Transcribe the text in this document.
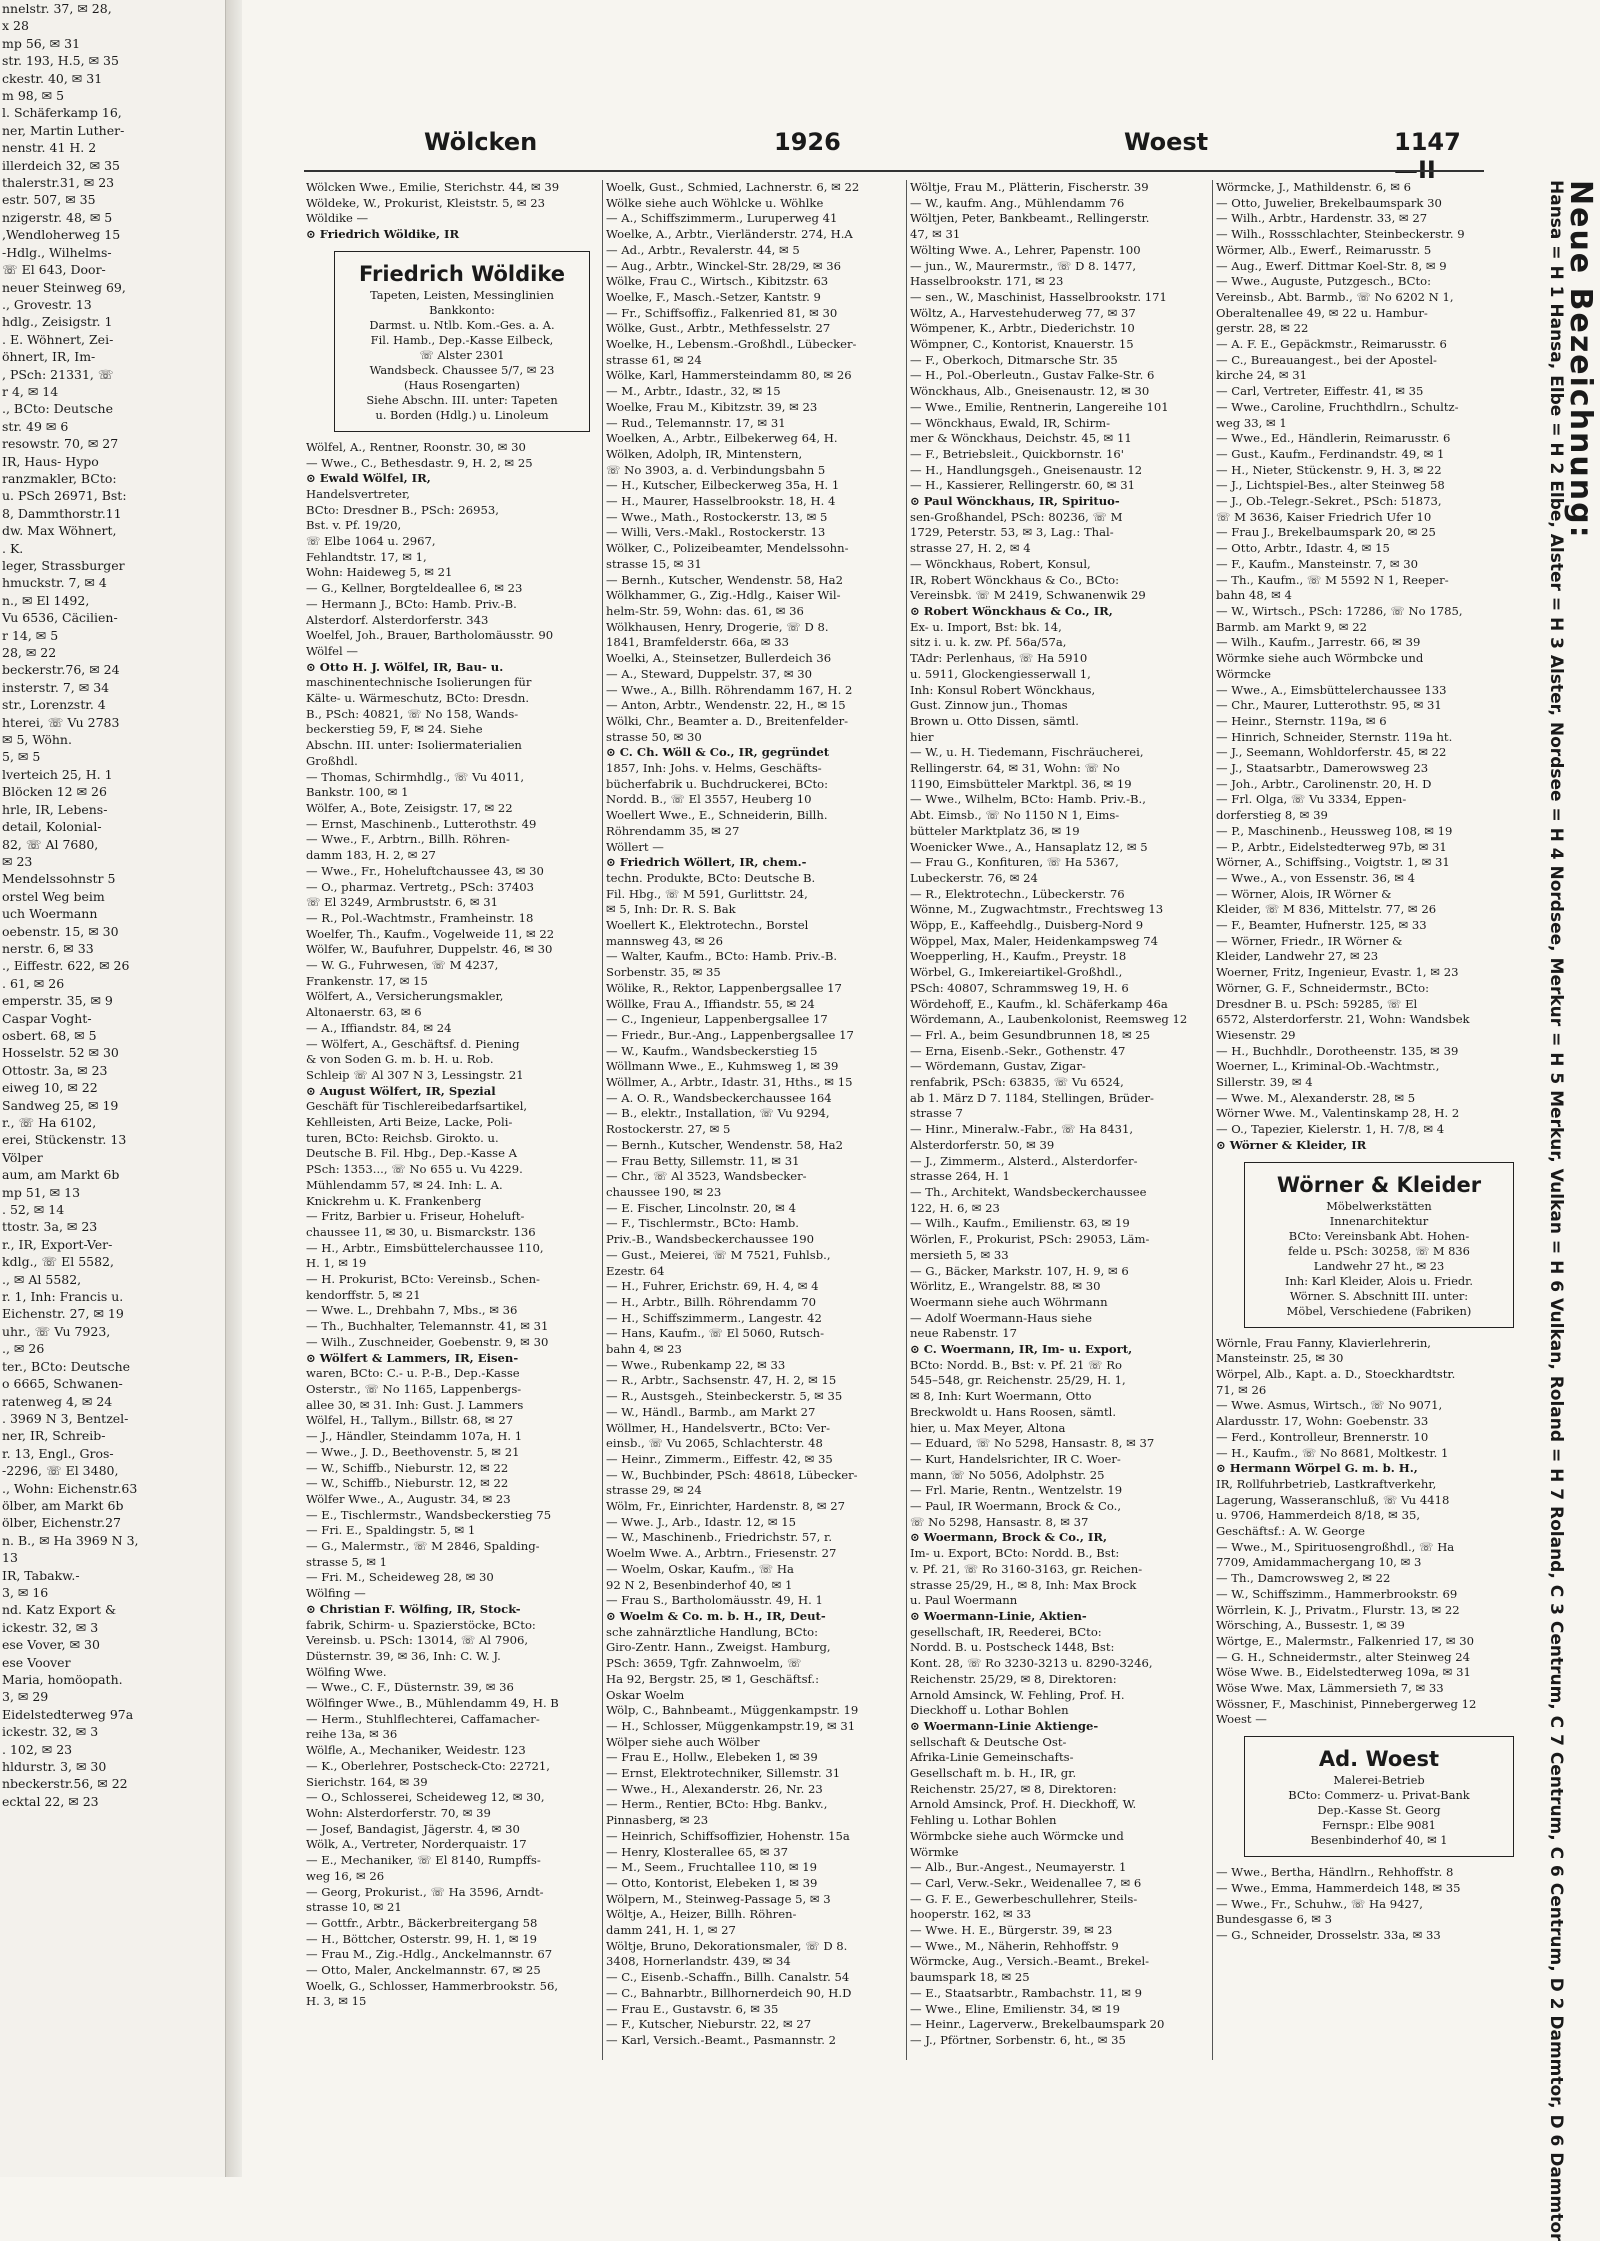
nnelstr. 37, ✉ 28,
x 28
mp 56, ✉ 31
str. 193, H.5, ✉ 35
ckestr. 40, ✉ 31
m 98, ✉ 5
l. Schäferkamp 16,
ner, Martin Luther-
nenstr. 41 H. 2
illerdeich 32, ✉ 35
thalerstr.31, ✉ 23
estr. 507, ✉ 35
nzigerstr. 48, ✉ 5
,Wendloherweg 15
-Hdlg., Wilhelms-
☏ El 643, Door-
neuer Steinweg 69,
., Grovestr. 13
hdlg., Zeisigstr. 1
. E. Wöhnert, Zei-
öhnert, IR, Im-
, PSch: 21331, ☏
r 4, ✉ 14
., BCto: Deutsche
str. 49 ✉ 6
resowstr. 70, ✉ 27
IR, Haus- Hypo
ranzmakler, BCto:
u. PSch 26971, Bst:
8, Dammthorstr.11
dw. Max Wöhnert,
. K.
leger, Strassburger
hmuckstr. 7, ✉ 4
n., ✉ El 1492,
Vu 6536, Cäcilien-
r 14, ✉ 5
28, ✉ 22
beckerstr.76, ✉ 24
insterstr. 7, ✉ 34
str., Lorenzstr. 4
hterei, ☏ Vu 2783
✉ 5, Wöhn.
5, ✉ 5
lverteich 25, H. 1
Blöcken 12 ✉ 26
hrle, IR, Lebens-
detail, Kolonial-
82, ☏ Al 7680,
✉ 23
Mendelssohnstr 5
orstel Weg beim
uch Woermann
oebenstr. 15, ✉ 30
nerstr. 6, ✉ 33
., Eiffestr. 622, ✉ 26
. 61, ✉ 26
emperstr. 35, ✉ 9
Caspar Voght-
osbert. 68, ✉ 5
Hosselstr. 52 ✉ 30
Ottostr. 3a, ✉ 23
eiweg 10, ✉ 22
Sandweg 25, ✉ 19
r., ☏ Ha 6102,
erei, Stückenstr. 13
Völper
aum, am Markt 6b
mp 51, ✉ 13
. 52, ✉ 14
ttostr. 3a, ✉ 23
r., IR, Export-Ver-
kdlg., ☏ El 5582,
., ✉ Al 5582,
r. 1, Inh: Francis u.
Eichenstr. 27, ✉ 19
uhr., ☏ Vu 7923,
., ✉ 26
ter., BCto: Deutsche
o 6665, Schwanen-
ratenweg 4, ✉ 24
. 3969 N 3, Bentzel-
ner, IR, Schreib-
r. 13, Engl., Gros-
-2296, ☏ El 3480,
., Wohn: Eichenstr.63
ölber, am Markt 6b
ölber, Eichenstr.27
n. B., ✉ Ha 3969 N 3,
13
IR, Tabakw.-
3, ✉ 16
nd. Katz Export &
ickestr. 32, ✉ 3
ese Vover, ✉ 30
ese Voover
Maria, homöopath.
3, ✉ 29
Eidelstedterweg 97a
ickestr. 32, ✉ 3
. 102, ✉ 23
hldurstr. 3, ✉ 30
nbeckerstr.56, ✉ 22
ecktal 22, ✉ 23
Wölcken	1926	Woest	1147—II
Wölcken Wwe., Emilie, Sterichstr. 44, ✉ 39
Wöldeke, W., Prokurist, Kleiststr. 5, ✉ 23
Wöldike —
⊙ Friedrich Wöldike, IR
Friedrich Wöldike
Tapeten, Leisten, Messinglinien
Bankkonto:
Darmst. u. Ntlb. Kom.-Ges. a. A.
Fil. Hamb., Dep.-Kasse Eilbeck,
☏ Alster 2301
Wandsbeck. Chaussee 5/7, ✉ 23
(Haus Rosengarten)
Siehe Abschn. III. unter: Tapeten
u. Borden (Hdlg.) u. Linoleum
Wölfel, A., Rentner, Roonstr. 30, ✉ 30
— Wwe., C., Bethesdastr. 9, H. 2, ✉ 25
⊙ Ewald Wölfel, IR,
Handelsvertreter,
BCto: Dresdner B., PSch: 26953,
Bst. v. Pf. 19/20,
☏ Elbe 1064 u. 2967,
Fehlandtstr. 17, ✉ 1,
Wohn: Haideweg 5, ✉ 21
— G., Kellner, Borgteldeallee 6, ✉ 23
— Hermann J., BCto: Hamb. Priv.-B.
Alsterdorf. Alsterdorferstr. 343
Woelfel, Joh., Brauer, Bartholomäusstr. 90
Wölfel —
⊙ Otto H. J. Wölfel, IR, Bau- u.
maschinentechnische Isolierungen für
Kälte- u. Wärmeschutz, BCto: Dresdn.
B., PSch: 40821, ☏ No 158, Wands-
beckerstieg 59, F, ✉ 24. Siehe
Abschn. III. unter: Isoliermaterialien
Großhdl.
— Thomas, Schirmhdlg., ☏ Vu 4011,
Bankstr. 100, ✉ 1
Wölfer, A., Bote, Zeisigstr. 17, ✉ 22
— Ernst, Maschinenb., Lutterothstr. 49
— Wwe., F., Arbtrn., Billh. Röhren-
damm 183, H. 2, ✉ 27
— Wwe., Fr., Hoheluftchaussee 43, ✉ 30
— O., pharmaz. Vertretg., PSch: 37403
☏ El 3249, Armbruststr. 6, ✉ 31
— R., Pol.-Wachtmstr., Framheinstr. 18
Woelfer, Th., Kaufm., Vogelweide 11, ✉ 22
Wölfer, W., Baufuhrer, Duppelstr. 46, ✉ 30
— W. G., Fuhrwesen, ☏ M 4237,
Frankenstr. 17, ✉ 15
Wölfert, A., Versicherungsmakler,
Altonaerstr. 63, ✉ 6
— A., Iffiandstr. 84, ✉ 24
— Wölfert, A., Geschäftsf. d. Piening
& von Soden G. m. b. H. u. Rob.
Schleip ☏ Al 307 N 3, Lessingstr. 21
⊙ August Wölfert, IR, Spezial
Geschäft für Tischlereibedarfsartikel,
Kehlleisten, Arti Beize, Lacke, Poli-
turen, BCto: Reichsb. Girokto. u.
Deutsche B. Fil. Hbg., Dep.-Kasse A
PSch: 1353..., ☏ No 655 u. Vu 4229.
Mühlendamm 57, ✉ 24. Inh: L. A.
Knickrehm u. K. Frankenberg
— Fritz, Barbier u. Friseur, Hoheluft-
chaussee 11, ✉ 30, u. Bismarckstr. 136
— H., Arbtr., Eimsbüttelerchaussee 110,
H. 1, ✉ 19
— H. Prokurist, BCto: Vereinsb., Schen-
kendorffstr. 5, ✉ 21
— Wwe. L., Drehbahn 7, Mbs., ✉ 36
— Th., Buchhalter, Telemannstr. 41, ✉ 31
— Wilh., Zuschneider, Goebenstr. 9, ✉ 30
⊙ Wölfert & Lammers, IR, Eisen-
waren, BCto: C.- u. P.-B., Dep.-Kasse
Osterstr., ☏ No 1165, Lappenbergs-
allee 30, ✉ 31. Inh: Gust. J. Lammers
Wölfel, H., Tallym., Billstr. 68, ✉ 27
— J., Händler, Steindamm 107a, H. 1
— Wwe., J. D., Beethovenstr. 5, ✉ 21
— W., Schiffb., Nieburstr. 12, ✉ 22
— W., Schiffb., Nieburstr. 12, ✉ 22
Wölfer Wwe., A., Augustr. 34, ✉ 23
— E., Tischlermstr., Wandsbeckerstieg 75
— Fri. E., Spaldingstr. 5, ✉ 1
— G., Malermstr., ☏ M 2846, Spalding-
strasse 5, ✉ 1
— Fri. M., Scheideweg 28, ✉ 30
Wölfing —
⊙ Christian F. Wölfing, IR, Stock-
fabrik, Schirm- u. Spazierstöcke, BCto:
Vereinsb. u. PSch: 13014, ☏ Al 7906,
Düsternstr. 39, ✉ 36, Inh: C. W. J.
Wölfing Wwe.
— Wwe., C. F., Düsternstr. 39, ✉ 36
Wölfinger Wwe., B., Mühlendamm 49, H. B
— Herm., Stuhlflechterei, Caffamacher-
reihe 13a, ✉ 36
Wölfle, A., Mechaniker, Weidestr. 123
— K., Oberlehrer, Postscheck-Cto: 22721,
Sierichstr. 164, ✉ 39
— O., Schlosserei, Scheideweg 12, ✉ 30,
Wohn: Alsterdorferstr. 70, ✉ 39
— Josef, Bandagist, Jägerstr. 4, ✉ 30
Wölk, A., Vertreter, Norderquaistr. 17
— E., Mechaniker, ☏ El 8140, Rumpffs-
weg 16, ✉ 26
— Georg, Prokurist., ☏ Ha 3596, Arndt-
strasse 10, ✉ 21
— Gottfr., Arbtr., Bäckerbreitergang 58
— H., Böttcher, Osterstr. 99, H. 1, ✉ 19
— Frau M., Zig.-Hdlg., Anckelmannstr. 67
— Otto, Maler, Anckelmannstr. 67, ✉ 25
Woelk, G., Schlosser, Hammerbrookstr. 56,
H. 3, ✉ 15
Woelk, Gust., Schmied, Lachnerstr. 6, ✉ 22
Wölke siehe auch Wöhlcke u. Wöhlke
— A., Schiffszimmerm., Luruperweg 41
Woelke, A., Arbtr., Vierländerstr. 274, H.A
— Ad., Arbtr., Revalerstr. 44, ✉ 5
— Aug., Arbtr., Winckel-Str. 28/29, ✉ 36
Wölke, Frau C., Wirtsch., Kibitzstr. 63
Woelke, F., Masch.-Setzer, Kantstr. 9
— Fr., Schiffsoffiz., Falkenried 81, ✉ 30
Wölke, Gust., Arbtr., Methfesselstr. 27
Woelke, H., Lebensm.-Großhdl., Lübecker-
strasse 61, ✉ 24
Wölke, Karl, Hammersteindamm 80, ✉ 26
— M., Arbtr., Idastr., 32, ✉ 15
Woelke, Frau M., Kibitzstr. 39, ✉ 23
— Rud., Telemannstr. 17, ✉ 31
Woelken, A., Arbtr., Eilbekerweg 64, H.
Wölken, Adolph, IR, Mintenstern,
☏ No 3903, a. d. Verbindungsbahn 5
— H., Kutscher, Eilbeckerweg 35a, H. 1
— H., Maurer, Hasselbrookstr. 18, H. 4
— Wwe., Math., Rostockerstr. 13, ✉ 5
— Willi, Vers.-Makl., Rostockerstr. 13
Wölker, C., Polizeibeamter, Mendelssohn-
strasse 15, ✉ 31
— Bernh., Kutscher, Wendenstr. 58, Ha2
Wölkhammer, G., Zig.-Hdlg., Kaiser Wil-
helm-Str. 59, Wohn: das. 61, ✉ 36
Wölkhausen, Henry, Drogerie, ☏ D 8.
1841, Bramfelderstr. 66a, ✉ 33
Woelki, A., Steinsetzer, Bullerdeich 36
— A., Steward, Duppelstr. 37, ✉ 30
— Wwe., A., Billh. Röhrendamm 167, H. 2
— Anton, Arbtr., Wendenstr. 22, H., ✉ 15
Wölki, Chr., Beamter a. D., Breitenfelder-
strasse 50, ✉ 30
⊙ C. Ch. Wöll & Co., IR, gegründet
1857, Inh: Johs. v. Helms, Geschäfts-
bücherfabrik u. Buchdruckerei, BCto:
Nordd. B., ☏ El 3557, Heuberg 10
Woellert Wwe., E., Schneiderin, Billh.
Röhrendamm 35, ✉ 27
Wöllert —
⊙ Friedrich Wöllert, IR, chem.-
techn. Produkte, BCto: Deutsche B.
Fil. Hbg., ☏ M 591, Gurlittstr. 24,
✉ 5, Inh: Dr. R. S. Bak
Woellert K., Elektrotechn., Borstel
mannsweg 43, ✉ 26
— Walter, Kaufm., BCto: Hamb. Priv.-B.
Sorbenstr. 35, ✉ 35
Wölike, R., Rektor, Lappenbergsallee 17
Wöllke, Frau A., Iffiandstr. 55, ✉ 24
— C., Ingenieur, Lappenbergsallee 17
— Friedr., Bur.-Ang., Lappenbergsallee 17
— W., Kaufm., Wandsbeckerstieg 15
Wöllmann Wwe., E., Kuhmsweg 1, ✉ 39
Wöllmer, A., Arbtr., Idastr. 31, Hths., ✉ 15
— A. O. R., Wandsbeckerchaussee 164
— B., elektr., Installation, ☏ Vu 9294,
Rostockerstr. 27, ✉ 5
— Bernh., Kutscher, Wendenstr. 58, Ha2
— Frau Betty, Sillemstr. 11, ✉ 31
— Chr., ☏ Al 3523, Wandsbecker-
chaussee 190, ✉ 23
— E. Fischer, Lincolnstr. 20, ✉ 4
— F., Tischlermstr., BCto: Hamb.
Priv.-B., Wandsbeckerchaussee 190
— Gust., Meierei, ☏ M 7521, Fuhlsb.,
Ezestr. 64
— H., Fuhrer, Erichstr. 69, H. 4, ✉ 4
— H., Arbtr., Billh. Röhrendamm 70
— H., Schiffszimmerm., Langestr. 42
— Hans, Kaufm., ☏ El 5060, Rutsch-
bahn 4, ✉ 23
— Wwe., Rubenkamp 22, ✉ 33
— R., Arbtr., Sachsenstr. 47, H. 2, ✉ 15
— R., Austsgeh., Steinbeckerstr. 5, ✉ 35
— W., Händl., Barmb., am Markt 27
Wöllmer, H., Handelsvertr., BCto: Ver-
einsb., ☏ Vu 2065, Schlachterstr. 48
— Heinr., Zimmerm., Eiffestr. 42, ✉ 35
— W., Buchbinder, PSch: 48618, Lübecker-
strasse 29, ✉ 24
Wölm, Fr., Einrichter, Hardenstr. 8, ✉ 27
— Wwe. J., Arb., Idastr. 12, ✉ 15
— W., Maschinenb., Friedrichstr. 57, r.
Woelm Wwe. A., Arbtrn., Friesenstr. 27
— Woelm, Oskar, Kaufm., ☏ Ha
92 N 2, Besenbinderhof 40, ✉ 1
— Frau S., Bartholomäusstr. 49, H. 1
⊙ Woelm & Co. m. b. H., IR, Deut-
sche zahnärztliche Handlung, BCto:
Giro-Zentr. Hann., Zweigst. Hamburg,
PSch: 3659, Tgfr. Zahnwoelm, ☏
Ha 92, Bergstr. 25, ✉ 1, Geschäftsf.:
Oskar Woelm
Wölp, C., Bahnbeamt., Müggenkampstr. 19
— H., Schlosser, Müggenkampstr.19, ✉ 31
Wölper siehe auch Wölber
— Frau E., Hollw., Elebeken 1, ✉ 39
— Ernst, Elektrotechniker, Sillemstr. 31
— Wwe., H., Alexanderstr. 26, Nr. 23
— Herm., Rentier, BCto: Hbg. Bankv.,
Pinnasberg, ✉ 23
— Heinrich, Schiffsoffizier, Hohenstr. 15a
— Henry, Klosterallee 65, ✉ 37
— M., Seem., Fruchtallee 110, ✉ 19
— Otto, Kontorist, Elebeken 1, ✉ 39
Wölpern, M., Steinweg-Passage 5, ✉ 3
Wöltje, A., Heizer, Billh. Röhren-
damm 241, H. 1, ✉ 27
Wöltje, Bruno, Dekorationsmaler, ☏ D 8.
3408, Hornerlandstr. 439, ✉ 34
— C., Eisenb.-Schaffn., Billh. Canalstr. 54
— C., Bahnarbtr., Billhornerdeich 90, H.D
— Frau E., Gustavstr. 6, ✉ 35
— F., Kutscher, Nieburstr. 22, ✉ 27
— Karl, Versich.-Beamt., Pasmannstr. 2
Wöltje, Frau M., Plätterin, Fischerstr. 39
— W., kaufm. Ang., Mühlendamm 76
Wöltjen, Peter, Bankbeamt., Rellingerstr.
47, ✉ 31
Wölting Wwe. A., Lehrer, Papenstr. 100
— jun., W., Maurermstr., ☏ D 8. 1477,
Hasselbrookstr. 171, ✉ 23
— sen., W., Maschinist, Hasselbrookstr. 171
Wöltz, A., Harvestehuderweg 77, ✉ 37
Wömpener, K., Arbtr., Diederichstr. 10
Wömpner, C., Kontorist, Knauerstr. 15
— F., Oberkoch, Ditmarsche Str. 35
— H., Pol.-Oberleutn., Gustav Falke-Str. 6
Wönckhaus, Alb., Gneisenaustr. 12, ✉ 30
— Wwe., Emilie, Rentnerin, Langereihe 101
— Wönckhaus, Ewald, IR, Schirm-
mer & Wönckhaus, Deichstr. 45, ✉ 11
— F., Betriebsleit., Quickbornstr. 16'
— H., Handlungsgeh., Gneisenaustr. 12
— H., Kassierer, Rellingerstr. 60, ✉ 31
⊙ Paul Wönckhaus, IR, Spirituo-
sen-Großhandel, PSch: 80236, ☏ M
1729, Peterstr. 53, ✉ 3, Lag.: Thal-
strasse 27, H. 2, ✉ 4
— Wönckhaus, Robert, Konsul,
IR, Robert Wönckhaus & Co., BCto:
Vereinsbk. ☏ M 2419, Schwanenwik 29
⊙ Robert Wönckhaus & Co., IR,
Ex- u. Import, Bst: bk. 14,
sitz i. u. k. zw. Pf. 56a/57a,
TAdr: Perlenhaus, ☏ Ha 5910
u. 5911, Glockengiesserwall 1,
Inh: Konsul Robert Wönckhaus,
Gust. Zinnow jun., Thomas
Brown u. Otto Dissen, sämtl.
hier
— W., u. H. Tiedemann, Fischräucherei,
Rellingerstr. 64, ✉ 31, Wohn: ☏ No
1190, Eimsbütteler Marktpl. 36, ✉ 19
— Wwe., Wilhelm, BCto: Hamb. Priv.-B.,
Abt. Eimsb., ☏ No 1150 N 1, Eims-
bütteler Marktplatz 36, ✉ 19
Woenicker Wwe., A., Hansaplatz 12, ✉ 5
— Frau G., Konfituren, ☏ Ha 5367,
Lubeckerstr. 76, ✉ 24
— R., Elektrotechn., Lübeckerstr. 76
Wönne, M., Zugwachtmstr., Frechtsweg 13
Wöpp, E., Kaffeehdlg., Duisberg-Nord 9
Wöppel, Max, Maler, Heidenkampsweg 74
Woepperling, H., Kaufm., Preystr. 18
Wörbel, G., Imkereiartikel-Großhdl.,
PSch: 40807, Schrammsweg 19, H. 6
Wördehoff, E., Kaufm., kl. Schäferkamp 46a
Wördemann, A., Laubenkolonist, Reemsweg 12
— Frl. A., beim Gesundbrunnen 18, ✉ 25
— Erna, Eisenb.-Sekr., Gothenstr. 47
— Wördemann, Gustav, Zigar-
renfabrik, PSch: 63835, ☏ Vu 6524,
ab 1. März D 7. 1184, Stellingen, Brüder-
strasse 7
— Hinr., Mineralw.-Fabr., ☏ Ha 8431,
Alsterdorferstr. 50, ✉ 39
— J., Zimmerm., Alsterd., Alsterdorfer-
strasse 264, H. 1
— Th., Architekt, Wandsbeckerchaussee
122, H. 6, ✉ 23
— Wilh., Kaufm., Emilienstr. 63, ✉ 19
Wörlen, F., Prokurist, PSch: 29053, Läm-
mersieth 5, ✉ 33
— G., Bäcker, Markstr. 107, H. 9, ✉ 6
Wörlitz, E., Wrangelstr. 88, ✉ 30
Woermann siehe auch Wöhrmann
— Adolf Woermann-Haus siehe
neue Rabenstr. 17
⊙ C. Woermann, IR, Im- u. Export,
BCto: Nordd. B., Bst: v. Pf. 21 ☏ Ro
545–548, gr. Reichenstr. 25/29, H. 1,
✉ 8, Inh: Kurt Woermann, Otto
Breckwoldt u. Hans Roosen, sämtl.
hier, u. Max Meyer, Altona
— Eduard, ☏ No 5298, Hansastr. 8, ✉ 37
— Kurt, Handelsrichter, IR C. Woer-
mann, ☏ No 5056, Adolphstr. 25
— Frl. Marie, Rentn., Wentzelstr. 19
— Paul, IR Woermann, Brock & Co.,
☏ No 5298, Hansastr. 8, ✉ 37
⊙ Woermann, Brock & Co., IR,
Im- u. Export, BCto: Nordd. B., Bst:
v. Pf. 21, ☏ Ro 3160-3163, gr. Reichen-
strasse 25/29, H., ✉ 8, Inh: Max Brock
u. Paul Woermann
⊙ Woermann-Linie, Aktien-
gesellschaft, IR, Reederei, BCto:
Nordd. B. u. Postscheck 1448, Bst:
Kont. 28, ☏ Ro 3230-3213 u. 8290-3246,
Reichenstr. 25/29, ✉ 8, Direktoren:
Arnold Amsinck, W. Fehling, Prof. H.
Dieckhoff u. Lothar Bohlen
⊙ Woermann-Linie Aktienge-
sellschaft & Deutsche Ost-
Afrika-Linie Gemeinschafts-
Gesellschaft m. b. H., IR, gr.
Reichenstr. 25/27, ✉ 8, Direktoren:
Arnold Amsinck, Prof. H. Dieckhoff, W.
Fehling u. Lothar Bohlen
Wörmbcke siehe auch Wörmcke und
Wörmke
— Alb., Bur.-Angest., Neumayerstr. 1
— Carl, Verw.-Sekr., Weidenallee 7, ✉ 6
— G. F. E., Gewerbeschullehrer, Steils-
hooperstr. 162, ✉ 33
— Wwe. H. E., Bürgerstr. 39, ✉ 23
— Wwe., M., Näherin, Rehhoffstr. 9
Wörmcke, Aug., Versich.-Beamt., Brekel-
baumspark 18, ✉ 25
— E., Staatsarbtr., Rambachstr. 11, ✉ 9
— Wwe., Eline, Emilienstr. 34, ✉ 19
— Heinr., Lagerverw., Brekelbaumspark 20
— J., Pförtner, Sorbenstr. 6, ht., ✉ 35
Wörmcke, J., Mathildenstr. 6, ✉ 6
— Otto, Juwelier, Brekelbaumspark 30
— Wilh., Arbtr., Hardenstr. 33, ✉ 27
— Wilh., Rossschlachter, Steinbeckerstr. 9
Wörmer, Alb., Ewerf., Reimarusstr. 5
— Aug., Ewerf. Dittmar Koel-Str. 8, ✉ 9
— Wwe., Auguste, Putzgesch., BCto:
Vereinsb., Abt. Barmb., ☏ No 6202 N 1,
Oberaltenallee 49, ✉ 22 u. Hambur-
gerstr. 28, ✉ 22
— A. F. E., Gepäckmstr., Reimarusstr. 6
— C., Bureauangest., bei der Apostel-
kirche 24, ✉ 31
— Carl, Vertreter, Eiffestr. 41, ✉ 35
— Wwe., Caroline, Fruchthdlrn., Schultz-
weg 33, ✉ 1
— Wwe., Ed., Händlerin, Reimarusstr. 6
— Gust., Kaufm., Ferdinandstr. 49, ✉ 1
— H., Nieter, Stückenstr. 9, H. 3, ✉ 22
— J., Lichtspiel-Bes., alter Steinweg 58
— J., Ob.-Telegr.-Sekret., PSch: 51873,
☏ M 3636, Kaiser Friedrich Ufer 10
— Frau J., Brekelbaumspark 20, ✉ 25
— Otto, Arbtr., Idastr. 4, ✉ 15
— F., Kaufm., Mansteinstr. 7, ✉ 30
— Th., Kaufm., ☏ M 5592 N 1, Reeper-
bahn 48, ✉ 4
— W., Wirtsch., PSch: 17286, ☏ No 1785,
Barmb. am Markt 9, ✉ 22
— Wilh., Kaufm., Jarrestr. 66, ✉ 39
Wörmke siehe auch Wörmbcke und
Wörmcke
— Wwe., A., Eimsbüttelerchaussee 133
— Chr., Maurer, Lutterothstr. 95, ✉ 31
— Heinr., Sternstr. 119a, ✉ 6
— Hinrich, Schneider, Sternstr. 119a ht.
— J., Seemann, Wohldorferstr. 45, ✉ 22
— J., Staatsarbtr., Damerowsweg 23
— Joh., Arbtr., Carolinenstr. 20, H. D
— Frl. Olga, ☏ Vu 3334, Eppen-
dorferstieg 8, ✉ 39
— P., Maschinenb., Heussweg 108, ✉ 19
— P., Arbtr., Eidelstedterweg 97b, ✉ 31
Wörner, A., Schiffsing., Voigtstr. 1, ✉ 31
— Wwe., A., von Essenstr. 36, ✉ 4
— Wörner, Alois, IR Wörner &
Kleider, ☏ M 836, Mittelstr. 77, ✉ 26
— F., Beamter, Hufnerstr. 125, ✉ 33
— Wörner, Friedr., IR Wörner &
Kleider, Landwehr 27, ✉ 23
Woerner, Fritz, Ingenieur, Evastr. 1, ✉ 23
Wörner, G. F., Schneidermstr., BCto:
Dresdner B. u. PSch: 59285, ☏ El
6572, Alsterdorferstr. 21, Wohn: Wandsbek
Wiesenstr. 29
— H., Buchhdlr., Dorotheenstr. 135, ✉ 39
Woerner, L., Kriminal-Ob.-Wachtmstr.,
Sillerstr. 39, ✉ 4
— Wwe. M., Alexanderstr. 28, ✉ 5
Wörner Wwe. M., Valentinskamp 28, H. 2
— O., Tapezier, Kielerstr. 1, H. 7/8, ✉ 4
⊙ Wörner & Kleider, IR
Wörner & Kleider
Möbelwerkstätten
Innenarchitektur
BCto: Vereinsbank Abt. Hohen-
felde u. PSch: 30258, ☏ M 836
Landwehr 27 ht., ✉ 23
Inh: Karl Kleider, Alois u. Friedr.
Wörner. S. Abschnitt III. unter:
Möbel, Verschiedene (Fabriken)
Wörnle, Frau Fanny, Klavierlehrerin,
Mansteinstr. 25, ✉ 30
Wörpel, Alb., Kapt. a. D., Stoeckhardtstr.
71, ✉ 26
— Wwe. Asmus, Wirtsch., ☏ No 9071,
Alardusstr. 17, Wohn: Goebenstr. 33
— Ferd., Kontrolleur, Brennerstr. 10
— H., Kaufm., ☏ No 8681, Moltkestr. 1
⊙ Hermann Wörpel G. m. b. H.,
IR, Rollfuhrbetrieb, Lastkraftverkehr,
Lagerung, Wasseranschluß, ☏ Vu 4418
u. 9706, Hammerdeich 8/18, ✉ 35,
Geschäftsf.: A. W. George
— Wwe., M., Spirituosengroßhdl., ☏ Ha
7709, Amidammachergang 10, ✉ 3
— Th., Damcrowsweg 2, ✉ 22
— W., Schiffszimm., Hammerbrookstr. 69
Wörrlein, K. J., Privatm., Flurstr. 13, ✉ 22
Wörsching, A., Bussestr. 1, ✉ 39
Wörtge, E., Malermstr., Falkenried 17, ✉ 30
— G. H., Schneidermstr., alter Steinweg 24
Wöse Wwe. B., Eidelstedterweg 109a, ✉ 31
Wöse Wwe. Max, Lämmersieth 7, ✉ 33
Wössner, F., Maschinist, Pinnebergerweg 12
Woest —
Ad. Woest
Malerei-Betrieb
BCto: Commerz- u. Privat-Bank
Dep.-Kasse St. Georg
Fernspr.: Elbe 9081
Besenbinderhof 40, ✉ 1
— Wwe., Bertha, Händlrn., Rehhoffstr. 8
— Wwe., Emma, Hammerdeich 148, ✉ 35
— Wwe., Fr., Schuhw., ☏ Ha 9427,
Bundesgasse 6, ✉ 3
— G., Schneider, Drosselstr. 33a, ✉ 33
Neue Bezeichnung:
Hansa = H 1 Hansa, Elbe = H 2 Elbe, Alster = H 3 Alster, Nordsee = H 4 Nordsee, Merkur = H 5 Merkur, Vulkan = H 6 Vulkan, Roland = H 7 Roland, C 3 Centrum, C 7 Centrum, C 6 Centrum, D 2 Dammtor, D 6 Dammtor
